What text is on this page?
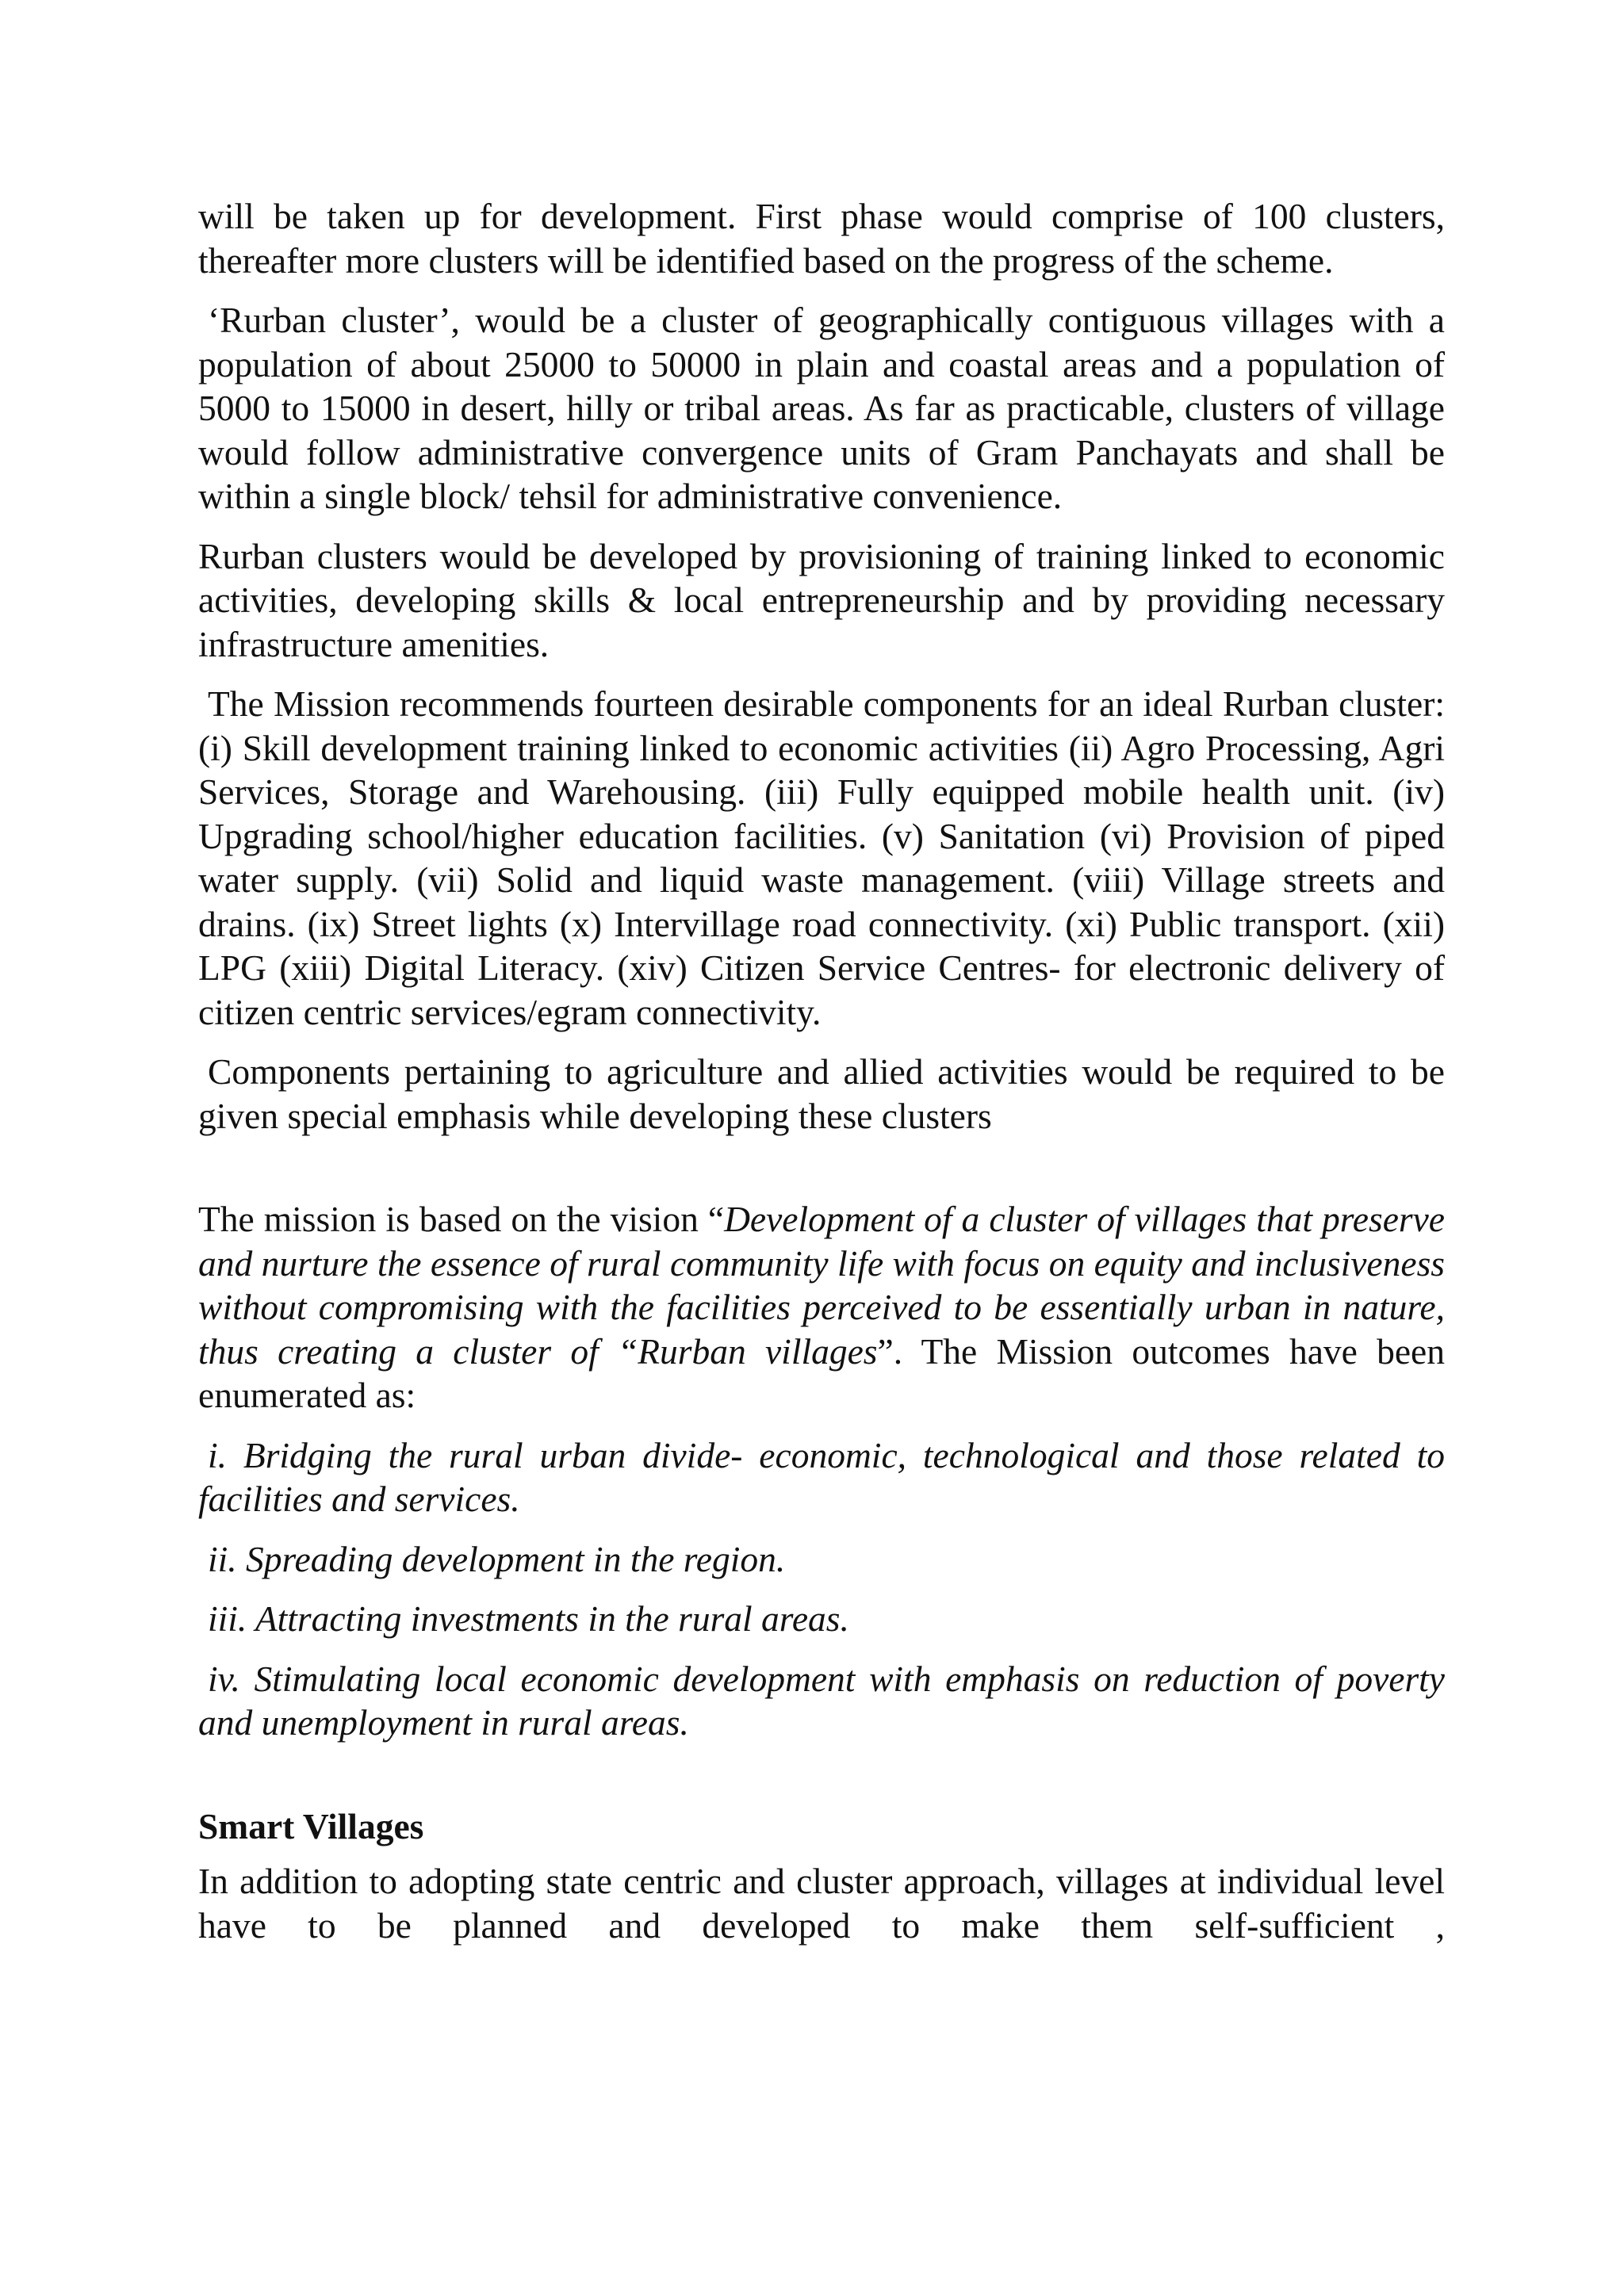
will be taken up for development. First phase would comprise of 100 clusters, thereafter more clusters will be identified based on the progress of the scheme.

‘Rurban cluster’, would be a cluster of geographically contiguous villages with a population of about 25000 to 50000 in plain and coastal areas and a population of 5000 to 15000 in desert, hilly or tribal areas. As far as practicable, clusters of village would follow administrative convergence units of Gram Panchayats and shall be within a single block/ tehsil for administrative convenience.

Rurban clusters would be developed by provisioning of training linked to economic activities, developing skills & local entrepreneurship and by providing necessary infrastructure amenities.

The Mission recommends fourteen desirable components for an ideal Rurban cluster: (i) Skill development training linked to economic activities (ii) Agro Processing, Agri Services, Storage and Warehousing. (iii) Fully equipped mobile health unit. (iv) Upgrading school/higher education facilities. (v) Sanitation (vi) Provision of piped water supply. (vii) Solid and liquid waste management. (viii) Village streets and drains. (ix) Street lights (x) Intervillage road connectivity. (xi) Public transport. (xii) LPG (xiii) Digital Literacy. (xiv) Citizen Service Centres- for electronic delivery of citizen centric services/egram connectivity.

Components pertaining to agriculture and allied activities would be required to be given special emphasis while developing these clusters

The mission is based on the vision “Development of a cluster of villages that preserve and nurture the essence of rural community life with focus on equity and inclusiveness without compromising with the facilities perceived to be essentially urban in nature, thus creating a cluster of “Rurban villages”. The Mission outcomes have been enumerated as:

i. Bridging the rural urban divide- economic, technological and those related to facilities and services.

ii. Spreading development in the region.

iii. Attracting investments in the rural areas.

iv. Stimulating local economic development with emphasis on reduction of poverty and unemployment in rural areas.

Smart Villages

In addition to adopting state centric and cluster approach, villages at individual level have to be planned and developed to make them self-sufficient ,
